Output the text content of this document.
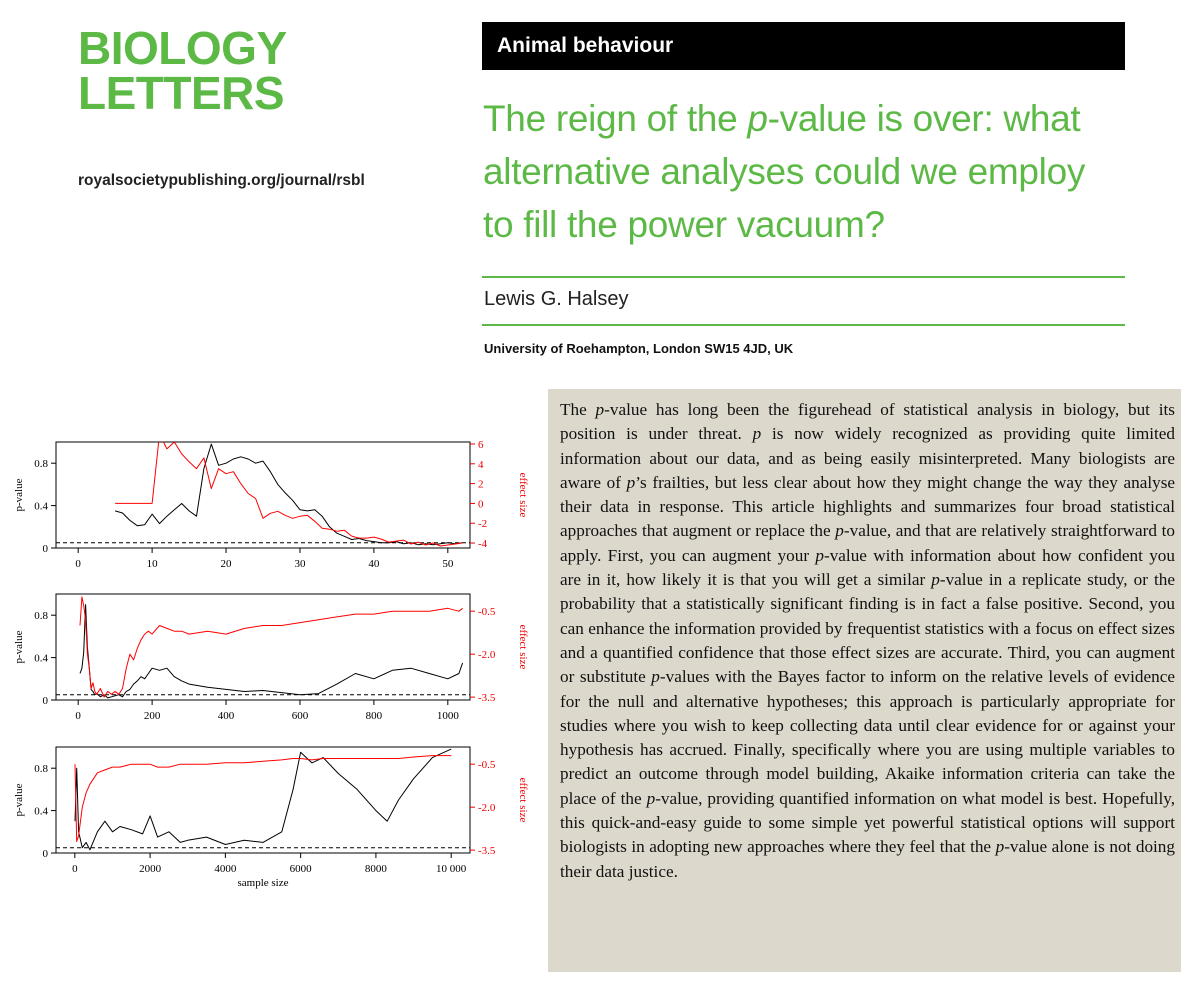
BIOLOGY
LETTERS
royalsocietypublishing.org/journal/rsbl
Animal behaviour
The reign of the p-value is over: what alternative analyses could we employ to fill the power vacuum?
Lewis G. Halsey
University of Roehampton, London SW15 4JD, UK
0
0.4
0.8
-4
-2
0
2
4
6
0	10	20	30	40	50
p-value	effect size
0
0.4
0.8
-3.5
-2.0
-0.5
0	200	400	600	800	1000
p-value	effect size
0
0.4
0.8
-3.5
-2.0
-0.5
0	2000	4000	6000	8000	10 000
p-value	effect size
sample size

The p-value has long been the figurehead of statistical analysis in biology, but its position is under threat. p is now widely recognized as providing quite limited information about our data, and as being easily misinterpreted. Many biologists are aware of p’s frailties, but less clear about how they might change the way they analyse their data in response. This article highlights and summarizes four broad statistical approaches that augment or replace the p-value, and that are relatively straightforward to apply. First, you can augment your p-value with information about how confident you are in it, how likely it is that you will get a similar p-value in a replicate study, or the probability that a statistically significant finding is in fact a false positive. Second, you can enhance the information provided by frequentist statistics with a focus on effect sizes and a quantified confidence that those effect sizes are accurate. Third, you can augment or substitute p-values with the Bayes factor to inform on the relative levels of evidence for the null and alternative hypotheses; this approach is particularly appropriate for studies where you wish to keep collecting data until clear evidence for or against your hypothesis has accrued. Finally, specifically where you are using multiple variables to predict an outcome through model building, Akaike information criteria can take the place of the p-value, providing quantified information on what model is best. Hopefully, this quick-and-easy guide to some simple yet powerful statistical options will support biologists in adopting new approaches where they feel that the p-value alone is not doing their data justice.
